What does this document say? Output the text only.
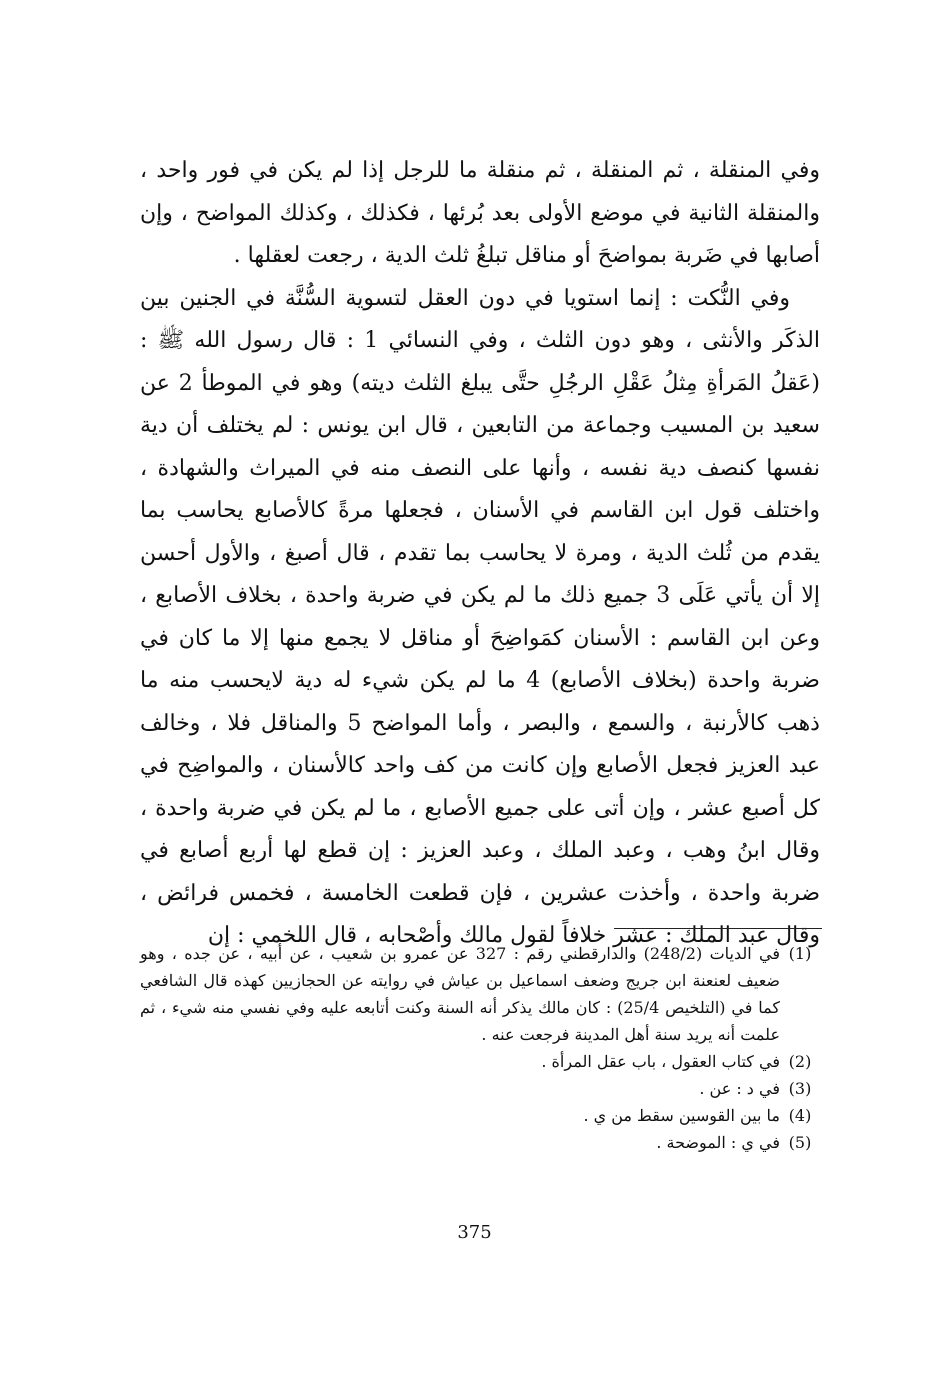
وفي المنقلة ، ثم المنقلة ، ثم منقلة ما للرجل إذا لم يكن في فور واحد ، والمنقلة الثانية في موضع الأولى بعد بُرئها ، فكذلك ، وكذلك المواضح ، وإن أصابها في ضَربة بمواضحَ أو مناقل تبلغُ ثلث الدية ، رجعت لعقلها .

وفي النُّكت : إنما استويا في دون العقل لتسوية السُّنَّة في الجنين بين الذكَر والأنثى ، وهو دون الثلث ، وفي النسائي 1 : قال رسول الله ﷺ : (عَقلُ المَرأةِ مِثلُ عَقْلِ الرجُلِ حتَّى يبلغ الثلث ديته) وهو في الموطأ 2 عن سعيد بن المسيب وجماعة من التابعين ، قال ابن يونس : لم يختلف أن دية نفسها كنصف دية نفسه ، وأنها على النصف منه في الميراث والشهادة ، واختلف قول ابن القاسم في الأسنان ، فجعلها مرةً كالأصابع يحاسب بما يقدم من ثُلث الدية ، ومرة لا يحاسب بما تقدم ، قال أصبغ ، والأول أحسن إلا أن يأتي عَلَى 3 جميع ذلك ما لم يكن في ضربة واحدة ، بخلاف الأصابع ، وعن ابن القاسم : الأسنان كمَواضِحَ أو مناقل لا يجمع منها إلا ما كان في ضربة واحدة (بخلاف الأصابع) 4 ما لم يكن شيء له دية لايحسب منه ما ذهب كالأرنبة ، والسمع ، والبصر ، وأما المواضح 5 والمناقل فلا ، وخالف عبد العزيز فجعل الأصابع وإن كانت من كف واحد كالأسنان ، والمواضِح في كل أصبع عشر ، وإن أتى على جميع الأصابع ، ما لم يكن في ضربة واحدة ، وقال ابنُ وهب ، وعبد الملك ، وعبد العزيز : إن قطع لها أربع أصابع في ضربة واحدة ، وأخذت عشرين ، فإن قطعت الخامسة ، فخمس فرائض ، وقال عبد الملك : عشر خلافاً لقول مالك وأصْحابه ، قال اللخمي : إن

(1)
في الديات (248/2) والدارقطني رقم : 327 عن عمرو بن شعيب ، عن أبيه ، عن جده ، وهو ضعيف لعنعنة ابن جريج وضعف اسماعيل بن عياش في روايته عن الحجازيين كهذه قال الشافعي كما في (التلخيص 25/4) : كان مالك يذكر أنه السنة وكنت أتابعه عليه وفي نفسي منه شيء ، ثم علمت أنه يريد سنة أهل المدينة فرجعت عنه .
(2)
في كتاب العقول ، باب عقل المرأة .
(3)
في د : عن .
(4)
ما بين القوسين سقط من ي .
(5)
في ي : الموضحة .
375
